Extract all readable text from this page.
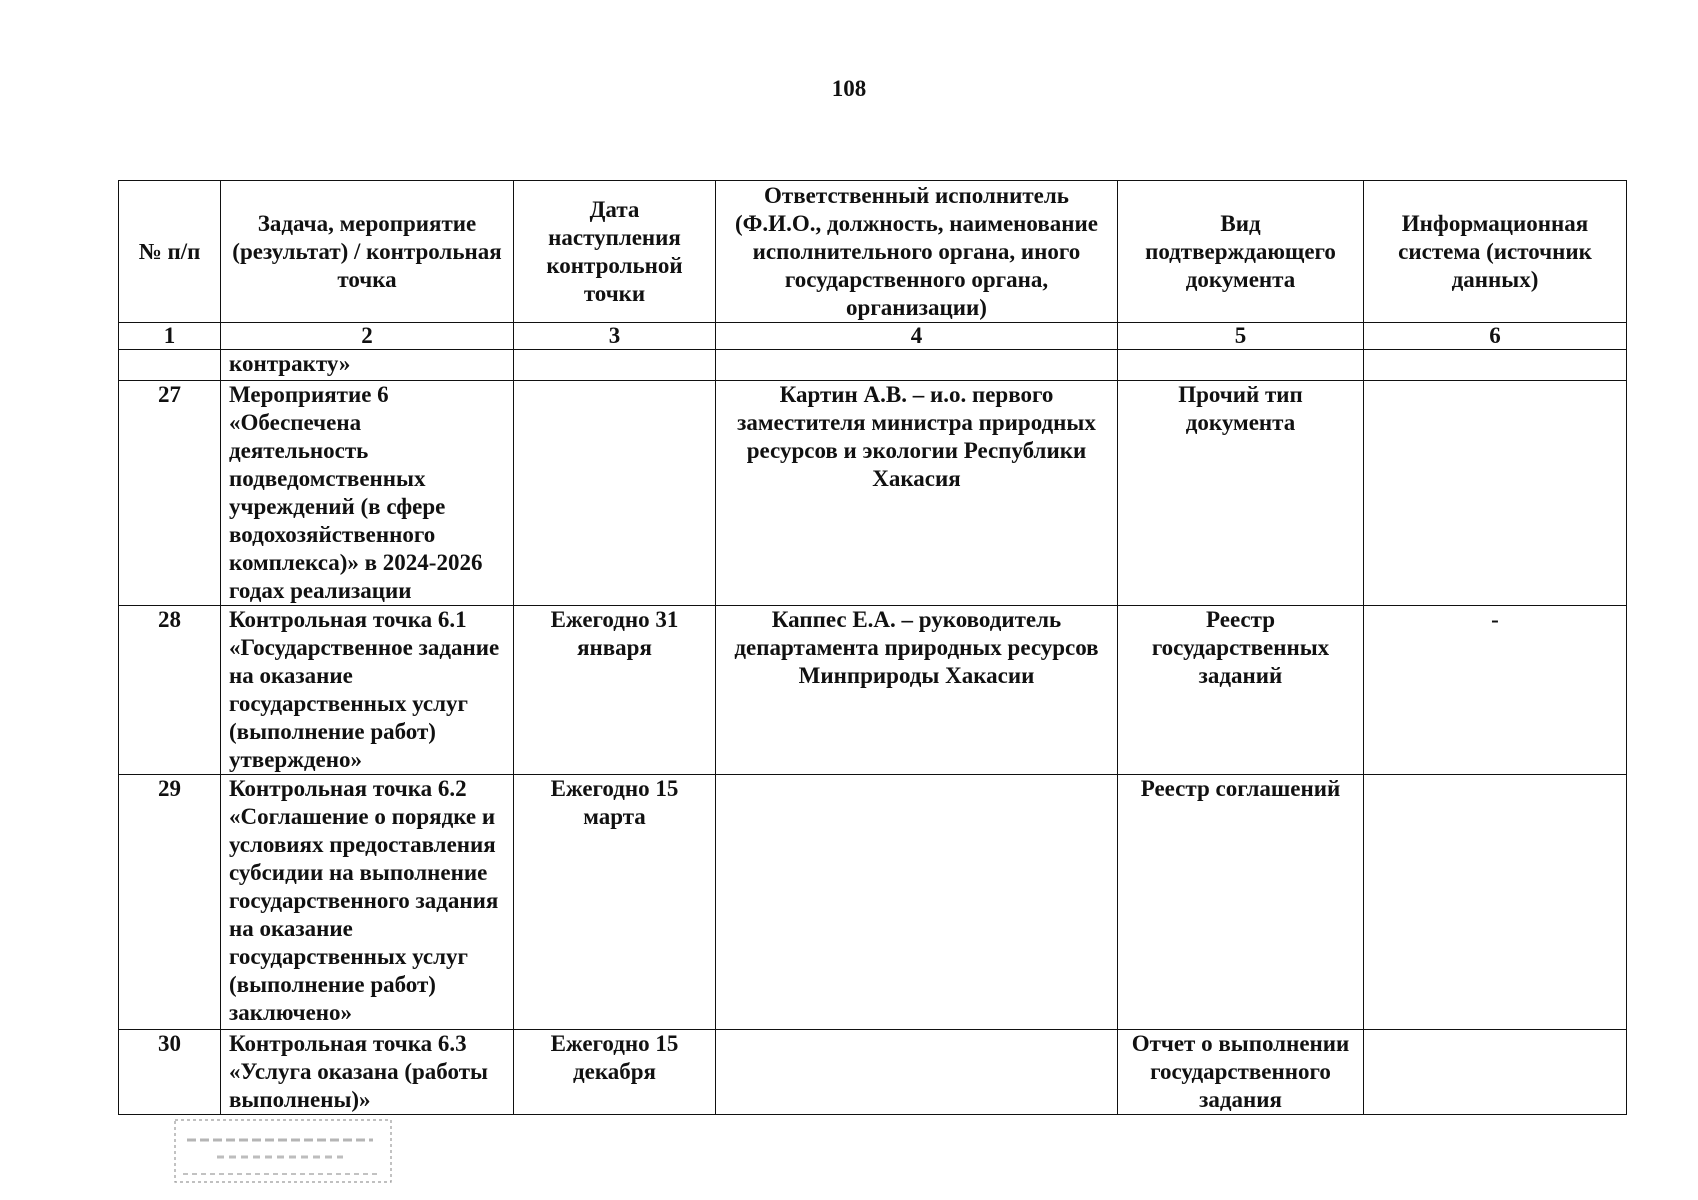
108
№ п/п	Задача, мероприятие (результат) / контрольная точка	Дата наступления контрольной точки	Ответственный исполнитель (Ф.И.О., должность, наименование исполнительного органа, иного государственного органа, организации)	Вид подтверждающего документа	Информационная система (источник данных)
1	2	3	4	5	6
	контракту»				
27	Мероприятие 6 «Обеспечена деятельность подведомственных учреждений (в сфере водохозяйственного комплекса)» в 2024-2026 годах реализации		Картин А.В. – и.о. первого заместителя министра природных ресурсов и экологии Республики Хакасия	Прочий тип документа	
28	Контрольная точка 6.1 «Государственное задание на оказание государственных услуг (выполнение работ) утверждено»	Ежегодно 31 января	Каппес Е.А. – руководитель департамента природных ресурсов Минприроды Хакасии	Реестр государственных заданий	-
29	Контрольная точка 6.2 «Соглашение о порядке и условиях предоставления субсидии на выполнение государственного задания на оказание государственных услуг (выполнение работ) заключено»	Ежегодно 15 марта		Реестр соглашений	
30	Контрольная точка 6.3 «Услуга оказана (работы выполнены)»	Ежегодно 15 декабря		Отчет о выполнении государственного задания	
